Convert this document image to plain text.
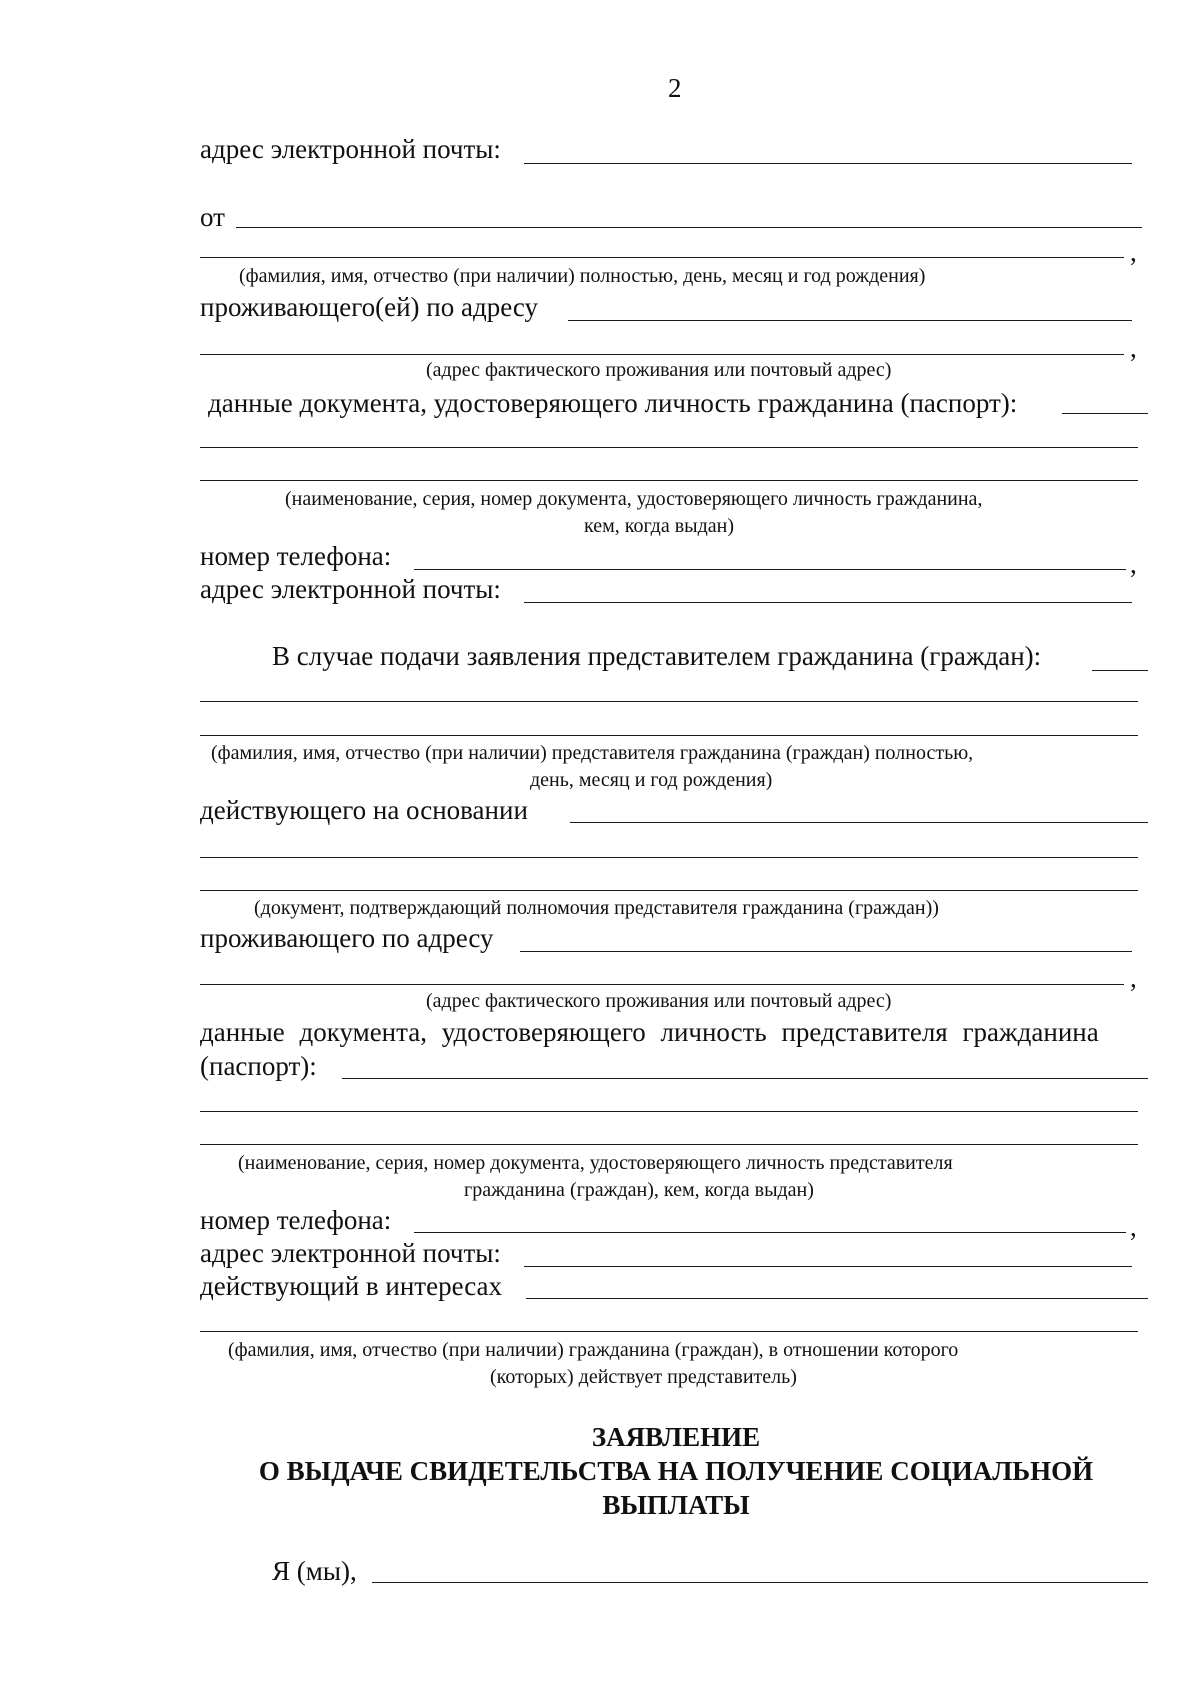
2
адрес электронной почты:
от
,
(фамилия, имя, отчество (при наличии) полностью, день, месяц и год рождения)
проживающего(ей) по адресу
,
(адрес фактического проживания или почтовый адрес)
данные документа, удостоверяющего личность гражданина (паспорт):
(наименование, серия, номер документа, удостоверяющего личность гражданина,
кем, когда выдан)
номер телефона:	,
адрес электронной почты:
В случае подачи заявления представителем гражданина (граждан):
(фамилия, имя, отчество (при наличии) представителя гражданина (граждан) полностью,
день, месяц и год рождения)
действующего на основании
(документ, подтверждающий полномочия представителя гражданина (граждан))
проживающего по адресу
,
(адрес фактического проживания или почтовый адрес)
данные документа, удостоверяющего личность представителя гражданина
(паспорт):
(наименование, серия, номер документа, удостоверяющего личность представителя
гражданина (граждан), кем, когда выдан)
номер телефона:	,
адрес электронной почты:
действующий в интересах
(фамилия, имя, отчество (при наличии) гражданина (граждан), в отношении которого
(которых) действует представитель)
ЗАЯВЛЕНИЕ
О ВЫДАЧЕ СВИДЕТЕЛЬСТВА НА ПОЛУЧЕНИЕ СОЦИАЛЬНОЙ
ВЫПЛАТЫ
Я (мы),
